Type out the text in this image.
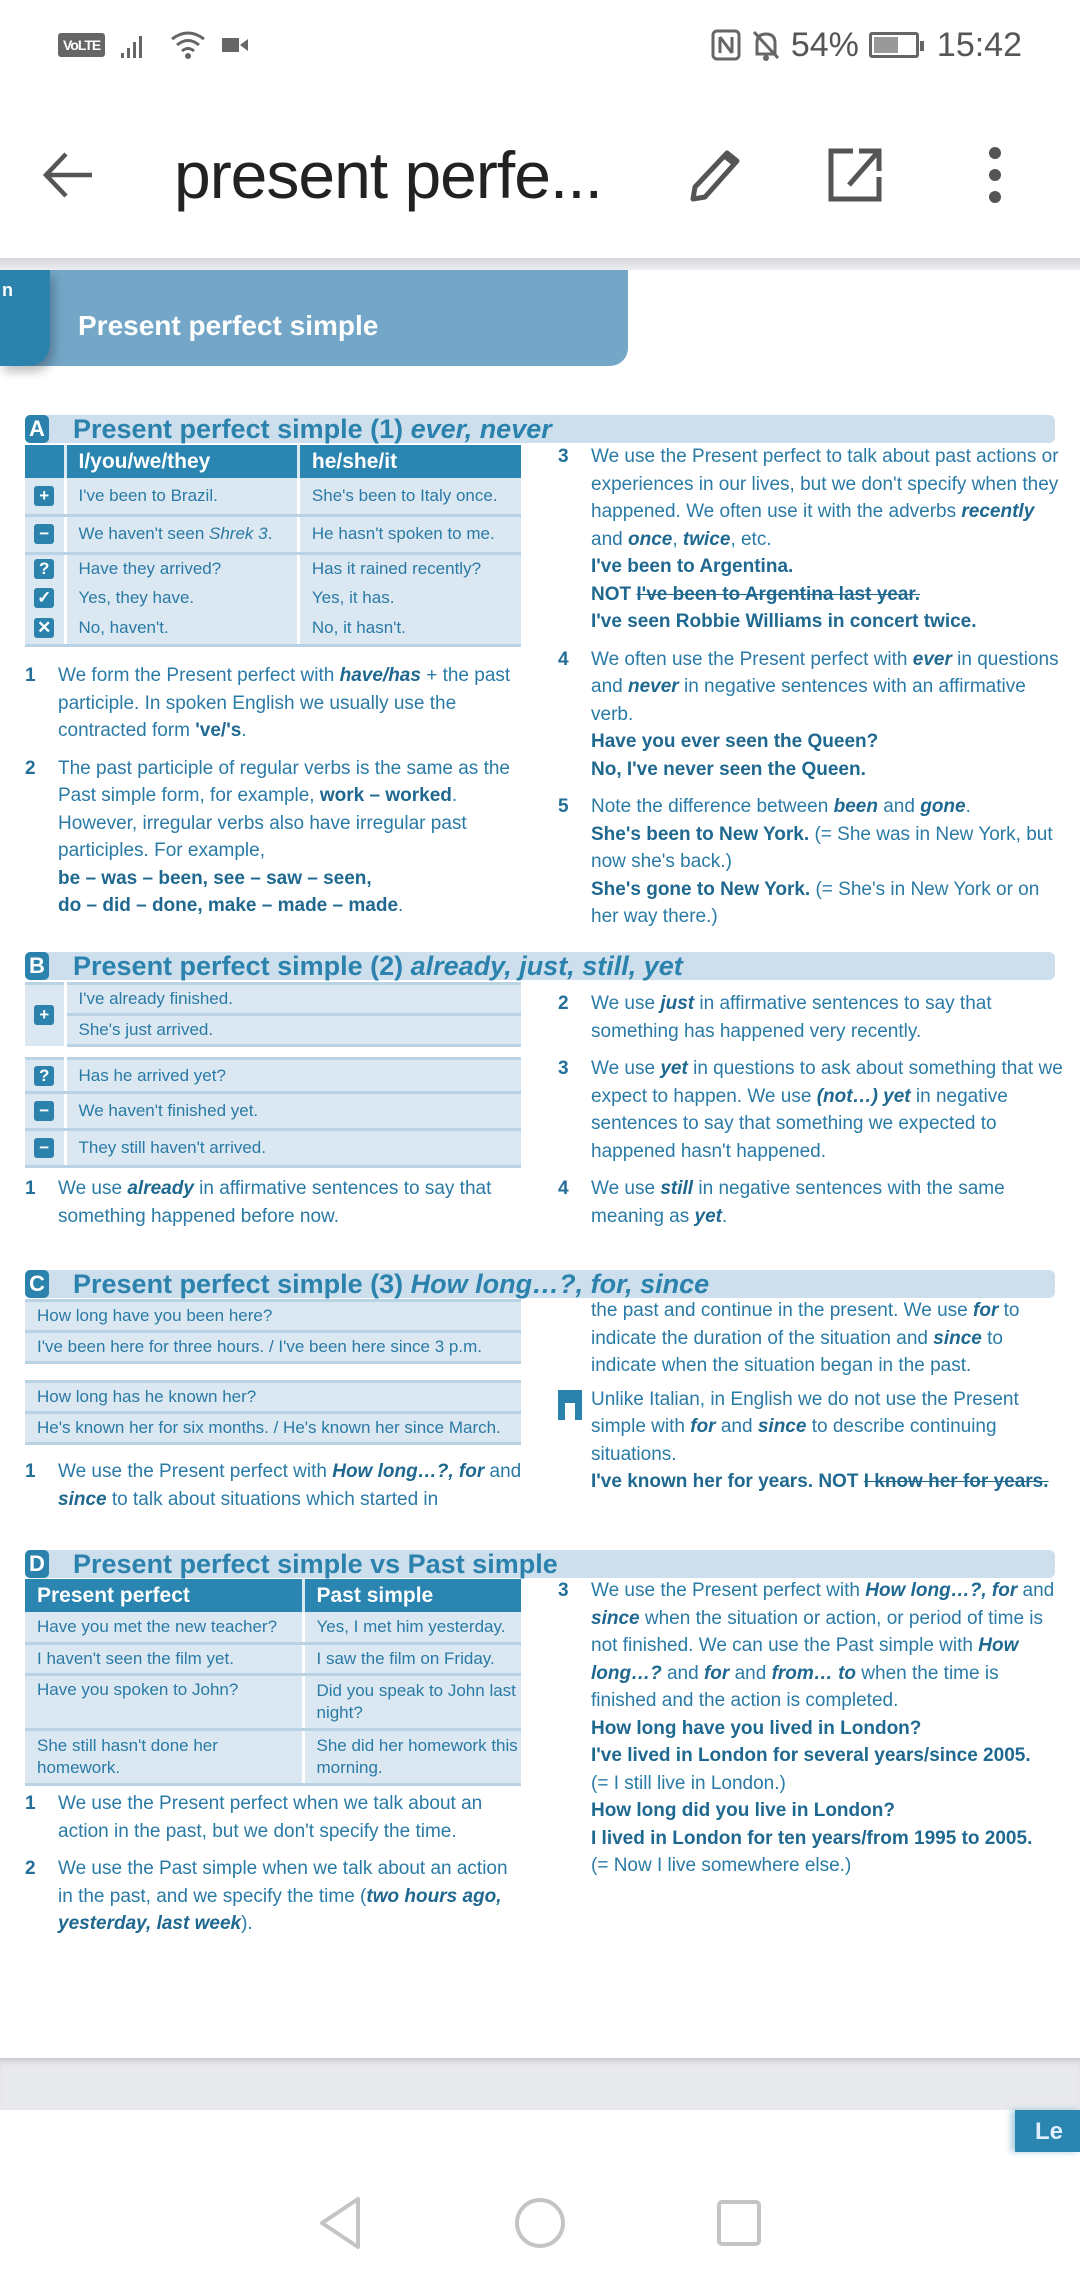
VoLTE	54% 15:42
present perfe...
n
Present perfect simple
A Present perfect simple (1) ever, never
	I/you/we/they	he/she/it
+	I've been to Brazil.	She's been to Italy once.
−	We haven't seen Shrek 3.	He hasn't spoken to me.
?	Have they arrived?	Has it rained recently?
✓	Yes, they have.	Yes, it has.
✕	No, haven't.	No, it hasn't.

1 We form the Present perfect with have/has + the past participle. In spoken English we usually use the contracted form 've/'s.

2 The past participle of regular verbs is the same as the Past simple form, for example, work – worked. However, irregular verbs also have irregular past participles. For example,
be – was – been, see – saw – seen,
do – did – done, make – made – made.

3 We use the Present perfect to talk about past actions or experiences in our lives, but we don't specify when they happened. We often use it with the adverbs recently and once, twice, etc.
I've been to Argentina.
NOT I've been to Argentina last year.
I've seen Robbie Williams in concert twice.

4 We often use the Present perfect with ever in questions and never in negative sentences with an affirmative verb.
Have you ever seen the Queen?
No, I've never seen the Queen.

5 Note the difference between been and gone.
She's been to New York. (= She was in New York, but now she's back.)
She's gone to New York. (= She's in New York or on her way there.)

B Present perfect simple (2) already, just, still, yet
+	I've already finished.
She's just arrived.
?	Has he arrived yet?
−	We haven't finished yet.
−	They still haven't arrived.

1 We use already in affirmative sentences to say that something happened before now.

2 We use just in affirmative sentences to say that something has happened very recently.

3 We use yet in questions to ask about something that we expect to happen. We use (not…) yet in negative sentences to say that something we expected to happened hasn't happened.

4 We use still in negative sentences with the same meaning as yet.

C Present perfect simple (3) How long…?, for, since
How long have you been here?
I've been here for three hours. / I've been here since 3 p.m.
How long has he known her?
He's known her for six months. / He's known her since March.

1 We use the Present perfect with How long…?, for and since to talk about situations which started in

the past and continue in the present. We use for to indicate the duration of the situation and since to indicate when the situation began in the past.

Unlike Italian, in English we do not use the Present simple with for and since to describe continuing situations.
I've known her for years. NOT I know her for years.

D Present perfect simple vs Past simple
Present perfect	Past simple
Have you met the new teacher?	Yes, I met him yesterday.
I haven't seen the film yet.	I saw the film on Friday.
Have you spoken to John?	Did you speak to John last night?
She still hasn't done her homework.	She did her homework this morning.

1 We use the Present perfect when we talk about an action in the past, but we don't specify the time.

2 We use the Past simple when we talk about an action in the past, and we specify the time (two hours ago, yesterday, last week).

3 We use the Present perfect with How long…?, for and since when the situation or action, or period of time is not finished. We can use the Past simple with How long…? and for and from… to when the time is finished and the action is completed.
How long have you lived in London?
I've lived in London for several years/since 2005.
(= I still live in London.)
How long did you live in London?
I lived in London for ten years/from 1995 to 2005.
(= Now I live somewhere else.)

Le
